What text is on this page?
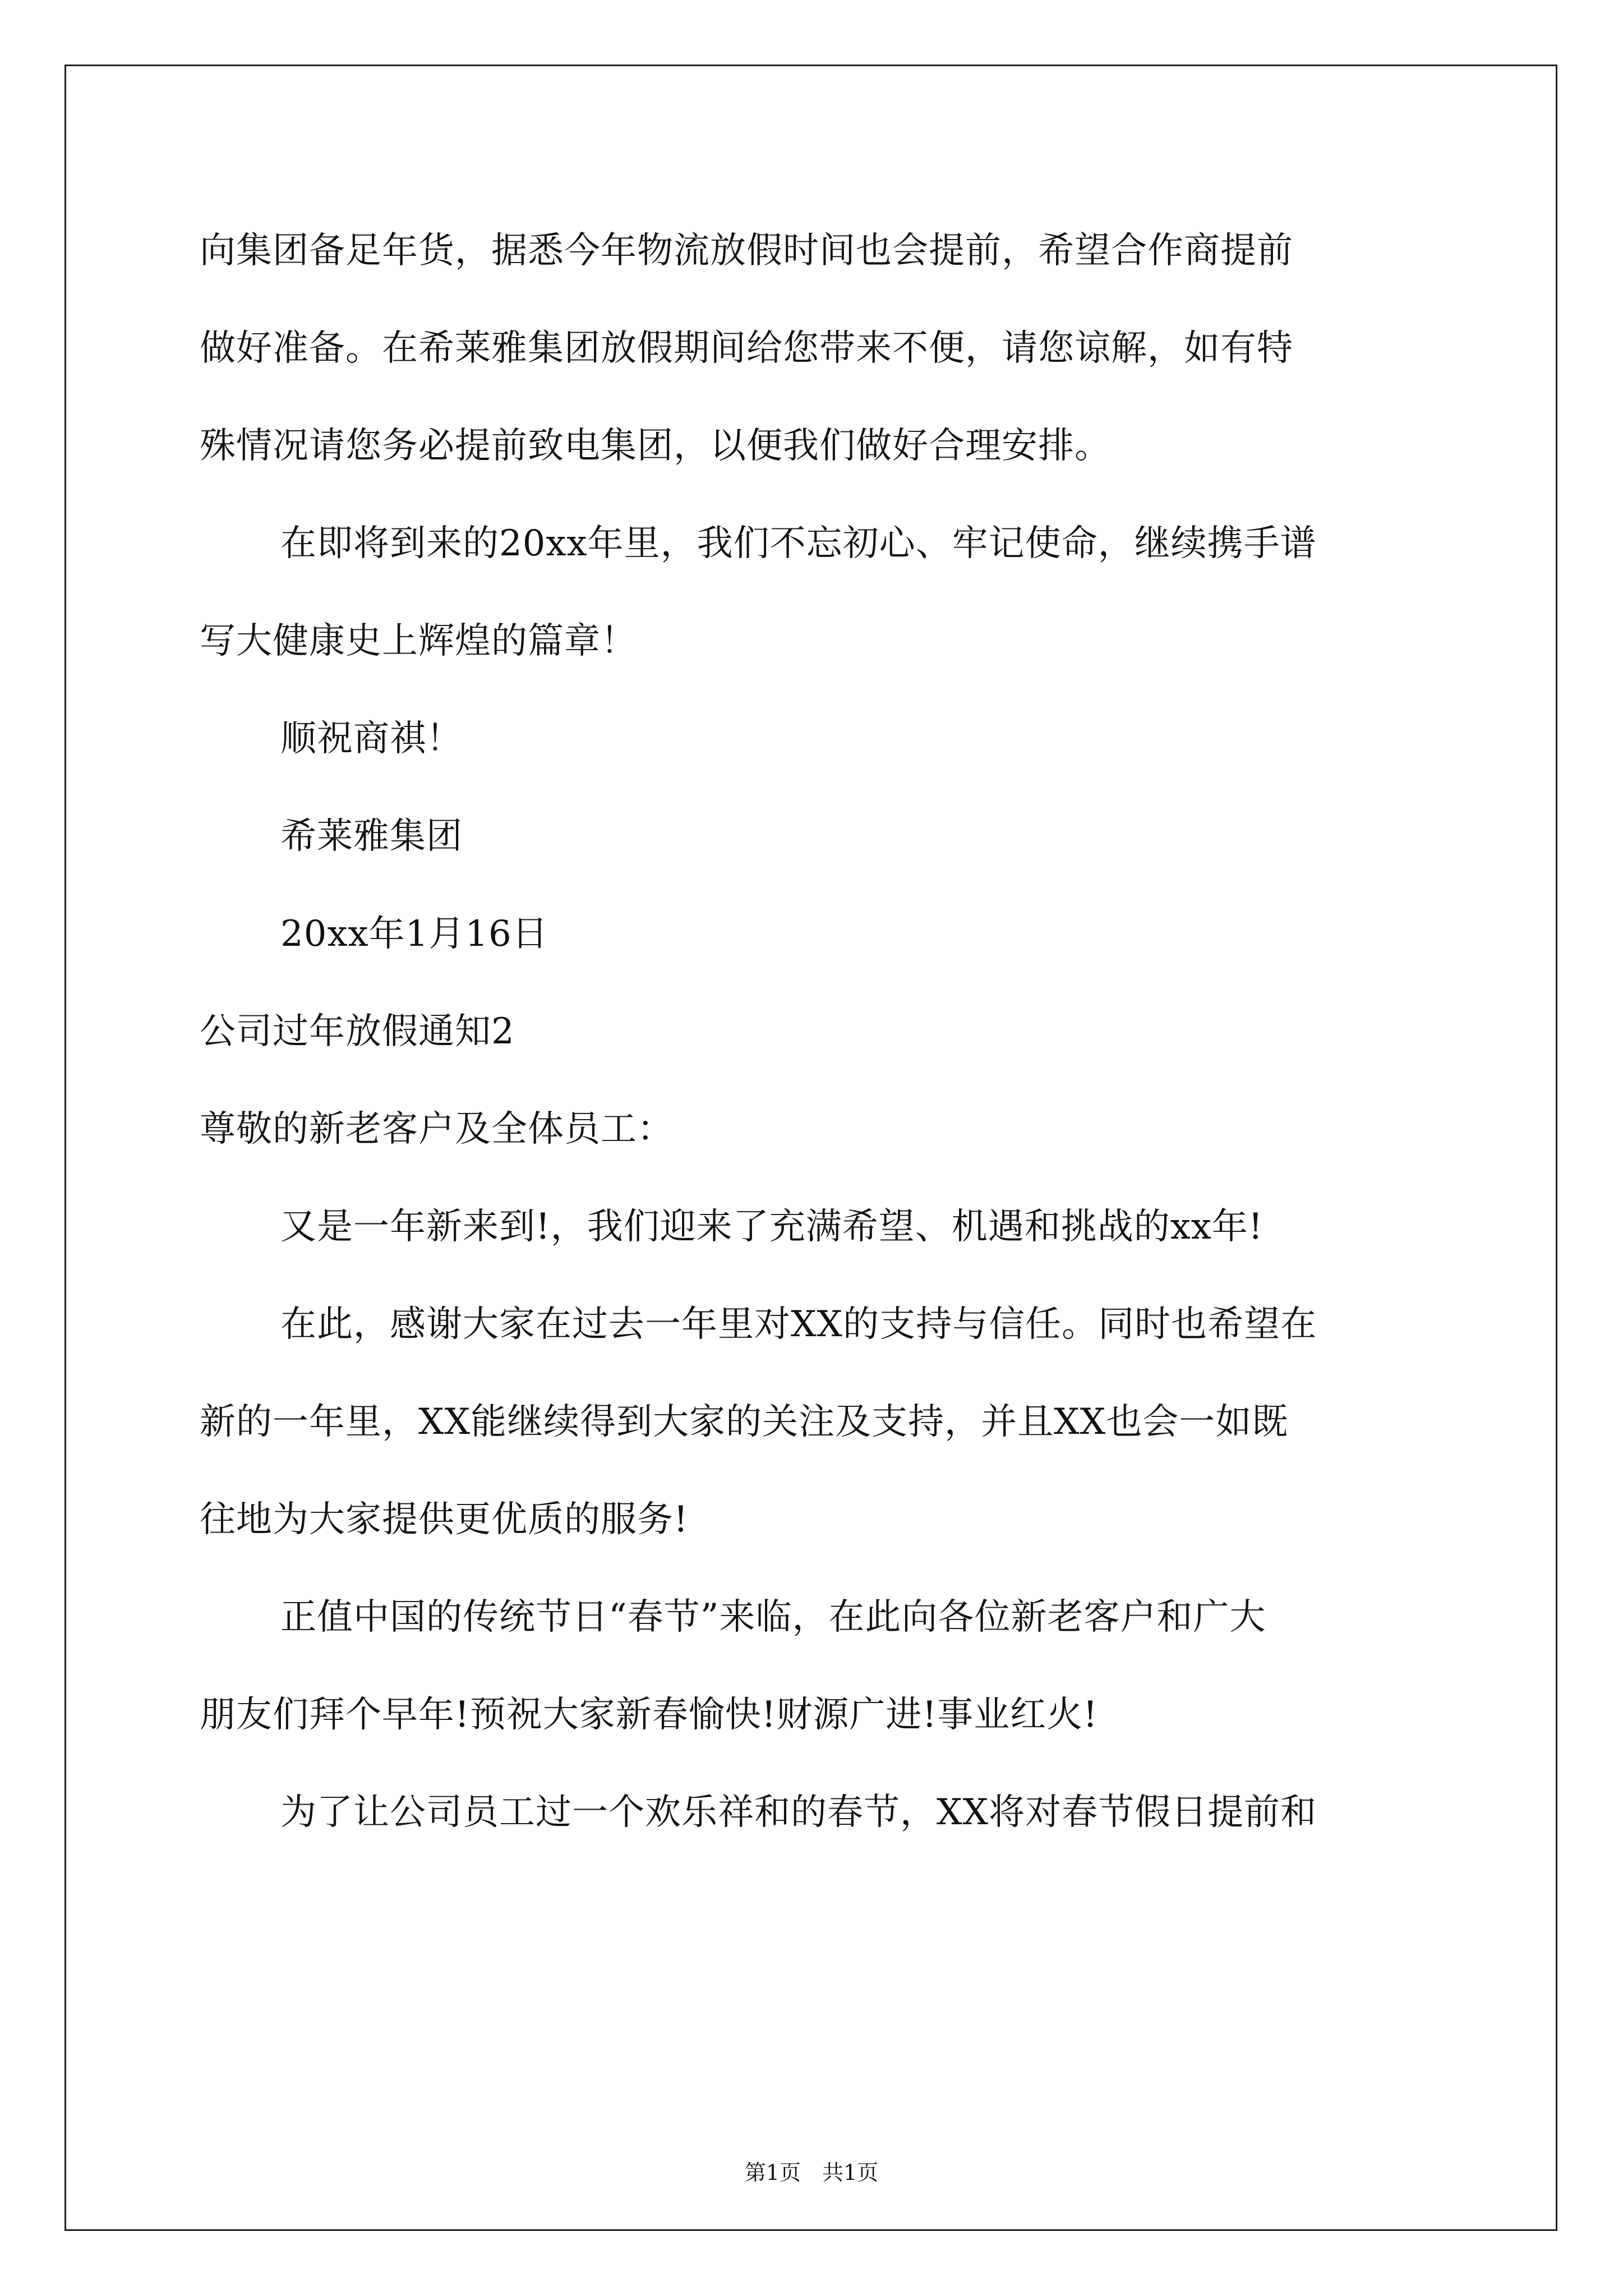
向集团备足年货，据悉今年物流放假时间也会提前，希望合作商提前
做好准备。在希莱雅集团放假期间给您带来不便，请您谅解，如有特
殊情况请您务必提前致电集团，以便我们做好合理安排。
在即将到来的20xx年里，我们不忘初心、牢记使命，继续携手谱
写大健康史上辉煌的篇章！
顺祝商祺！
希莱雅集团
20xx年1月16日
公司过年放假通知2
尊敬的新老客户及全体员工：
又是一年新来到!，我们迎来了充满希望、机遇和挑战的xx年!
在此，感谢大家在过去一年里对XX的支持与信任。同时也希望在
新的一年里，XX能继续得到大家的关注及支持，并且XX也会一如既
往地为大家提供更优质的服务!
正值中国的传统节日“春节”来临，在此向各位新老客户和广大
朋友们拜个早年!预祝大家新春愉快!财源广进!事业红火!
为了让公司员工过一个欢乐祥和的春节，XX将对春节假日提前和
第1页　共1页
